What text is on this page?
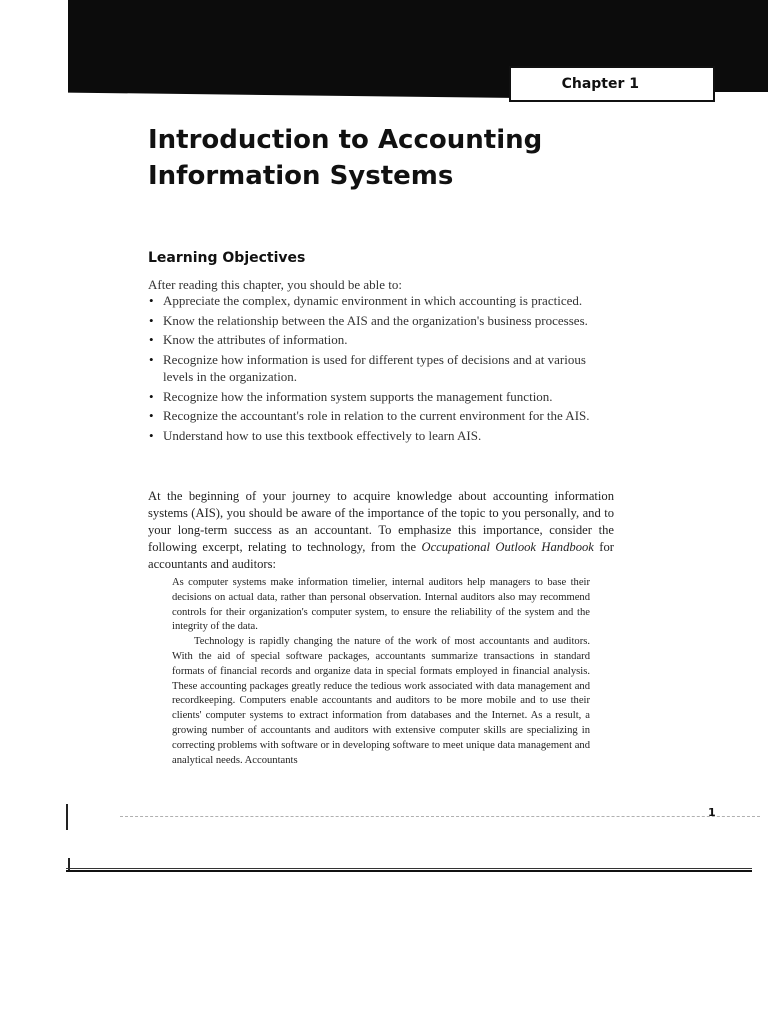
Chapter 1
Introduction to Accounting
Information Systems
Learning Objectives

After reading this chapter, you should be able to:

• Appreciate the complex, dynamic environment in which accounting is practiced.
• Know the relationship between the AIS and the organization's business processes.
• Know the attributes of information.
• Recognize how information is used for different types of decisions and at various levels in the organization.
• Recognize how the information system supports the management function.
• Recognize the accountant's role in relation to the current environment for the AIS.
• Understand how to use this textbook effectively to learn AIS.

At the beginning of your journey to acquire knowledge about accounting information systems (AIS), you should be aware of the importance of the topic to you personally, and to your long-term success as an accountant. To emphasize this importance, consider the following excerpt, relating to technology, from the Occupational Outlook Handbook for accountants and auditors:

As computer systems make information timelier, internal auditors help managers to base their decisions on actual data, rather than personal observation. Internal auditors also may recommend controls for their organization's computer system, to ensure the reliability of the system and the integrity of the data.

Technology is rapidly changing the nature of the work of most accountants and auditors. With the aid of special software packages, accountants summarize transactions in standard formats of financial records and organize data in special formats employed in financial analysis. These accounting packages greatly reduce the tedious work associated with data management and recordkeeping. Computers enable accountants and auditors to be more mobile and to use their clients' computer systems to extract information from databases and the Internet. As a result, a growing number of accountants and auditors with extensive computer skills are specializing in correcting problems with software or in developing software to meet unique data management and analytical needs. Accountants

1
